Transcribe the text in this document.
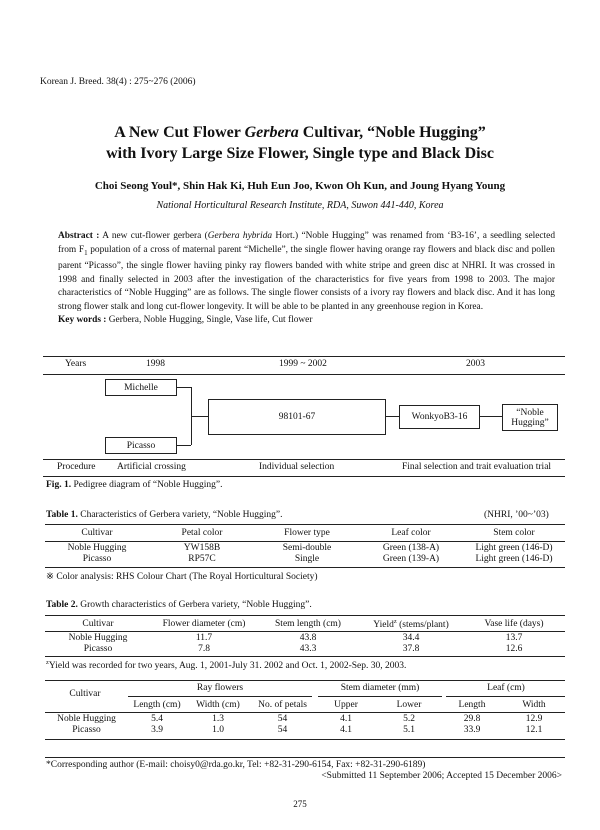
Korean J. Breed. 38(4) : 275~276 (2006)
A New Cut Flower Gerbera Cultivar, “Noble Hugging”
with Ivory Large Size Flower, Single type and Black Disc
Choi Seong Youl*, Shin Hak Ki, Huh Eun Joo, Kwon Oh Kun, and Joung Hyang Young
National Horticultural Research Institute, RDA, Suwon 441-440, Korea
Abstract : A new cut-flower gerbera (Gerbera hybrida Hort.) “Noble Hugging” was renamed from ‘B3-16’, a seedling selected from $F_1$ population of a cross of maternal parent “Michelle”, the single flower having orange ray flowers and black disc and pollen parent “Picasso”, the single flower haviing pinky ray flowers banded with white stripe and green disc at NHRI. It was crossed in 1998 and finally selected in 2003 after the investigation of the characteristics for five years from 1998 to 2003. The major characteristics of “Noble Hugging” are as follows. The single flower consists of a ivory ray flowers and black disc. And it has long strong flower stalk and long cut-flower longevity. It will be able to be planted in any greenhouse region in Korea.
Key words : Gerbera, Noble Hugging, Single, Vase life, Cut flower
Years	1998	1999 ~ 2002	2003
Michelle
Picasso
98101-67	WonkyoB3-16	“Noble
Hugging”
Procedure Artificial crossing	Individual selection	Final selection and trait evaluation trial
Fig. 1. Pedigree diagram of “Noble Hugging”.
Table 1. Characteristics of Gerbera variety, “Noble Hugging”.	(NHRI, ’00~’03)
Cultivar	Petal color	Flower type	Leaf color	Stem color
Noble Hugging	YW158B	Semi-double	Green (138-A)	Light green (146-D)
Picasso	RP57C	Single	Green (139-A)	Light green (146-D)
※ Color analysis: RHS Colour Chart (The Royal Horticultural Society)
Table 2. Growth characteristics of Gerbera variety, “Noble Hugging”.
Cultivar	Flower diameter (cm)	Stem length (cm)	Yield$^z$ (stems/plant)	Vase life (days)
Noble Hugging	11.7	43.8	34.4	13.7
Picasso	7.8	43.3	37.8	12.6
$^z$Yield was recorded for two years, Aug. 1, 2001-July 31. 2002 and Oct. 1, 2002-Sep. 30, 2003.
Cultivar
Ray flowers	Stem diameter (mm)	Leaf (cm)
	Length (cm)	Width (cm)	No. of petals	Upper	Lower	Length	Width
Noble Hugging	5.4	1.3	54	4.1	5.2	29.8	12.9
Picasso	3.9	1.0	54	4.1	5.1	33.9	12.1
*Corresponding author (E-mail: choisy0@rda.go.kr, Tel: +82-31-290-6154, Fax: +82-31-290-6189)
<Submitted 11 September 2006; Accepted 15 December 2006>
275
